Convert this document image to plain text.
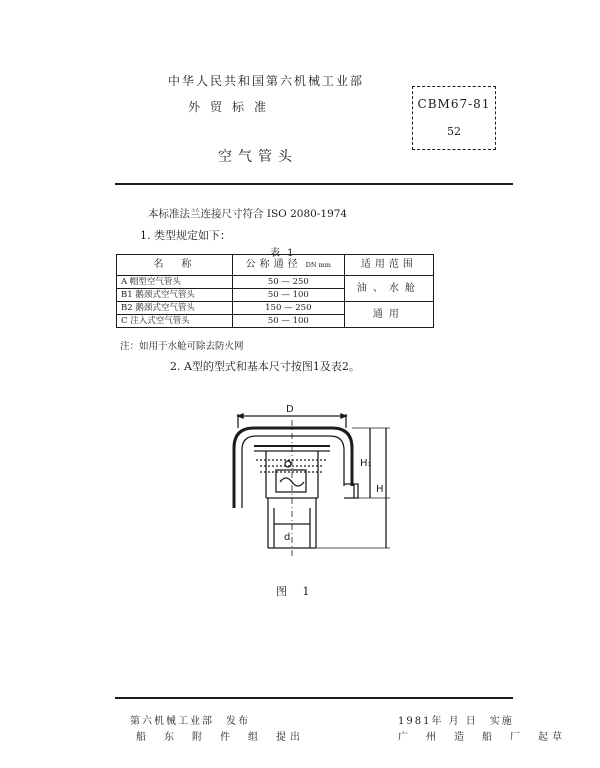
中华人民共和国第六机械工业部
外贸标准
空气管头
CBM67-81
52
本标准法兰连接尺寸符合 ISO 2080-1974
1. 类型规定如下：
表 1
名　称	公称通径 DN mm	适用范围
A 帽型空气管头	50 — 250	油、水舱
B1 鹅颈式空气管头	50 — 100	
B2 鹅颈式空气管头	150 — 250	通用
C 注入式空气管头	50 — 100	
注：如用于水舱可除去防火网
2. A型的型式和基本尺寸按图1及表2。
D
H₁
H
d
图 1
第六机械工业部　发布
船　东　附　件　组　提出
1981年 月 日　实施
广　州　造　船　厂　起草
